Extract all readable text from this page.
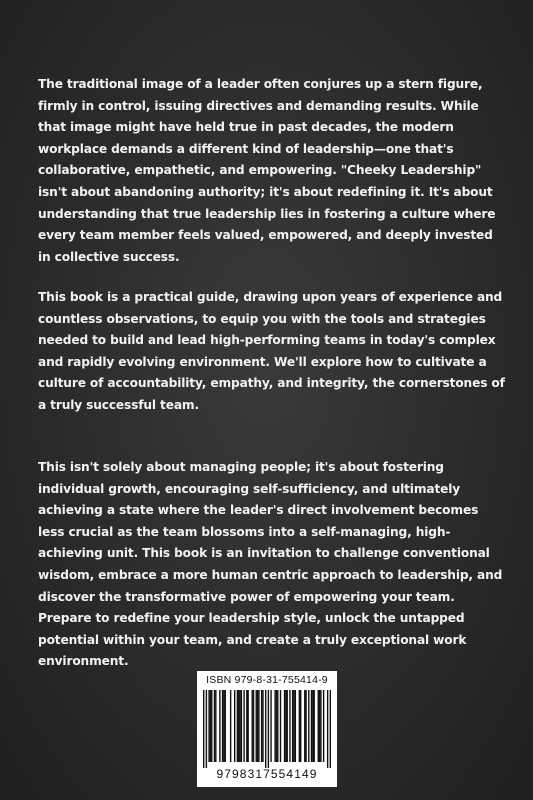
The traditional image of a leader often conjures up a stern figure, firmly in control, issuing directives and demanding results. While that image might have held true in past decades, the modern workplace demands a different kind of leadership—one that's collaborative, empathetic, and empowering. "Cheeky Leadership" isn't about abandoning authority; it's about redefining it. It's about understanding that true leadership lies in fostering a culture where every team member feels valued, empowered, and deeply invested in collective success.

This book is a practical guide, drawing upon years of experience and countless observations, to equip you with the tools and strategies needed to build and lead high-performing teams in today's complex and rapidly evolving environment. We'll explore how to cultivate a culture of accountability, empathy, and integrity, the cornerstones of a truly successful team.

This isn't solely about managing people; it's about fostering individual growth, encouraging self-sufficiency, and ultimately achieving a state where the leader's direct involvement becomes less crucial as the team blossoms into a self-managing, high-achieving unit. This book is an invitation to challenge conventional wisdom, embrace a more human centric approach to leadership, and discover the transformative power of empowering your team. Prepare to redefine your leadership style, unlock the untapped potential within your team, and create a truly exceptional work environment.

ISBN 979-8-31-755414-9
9798317554149
